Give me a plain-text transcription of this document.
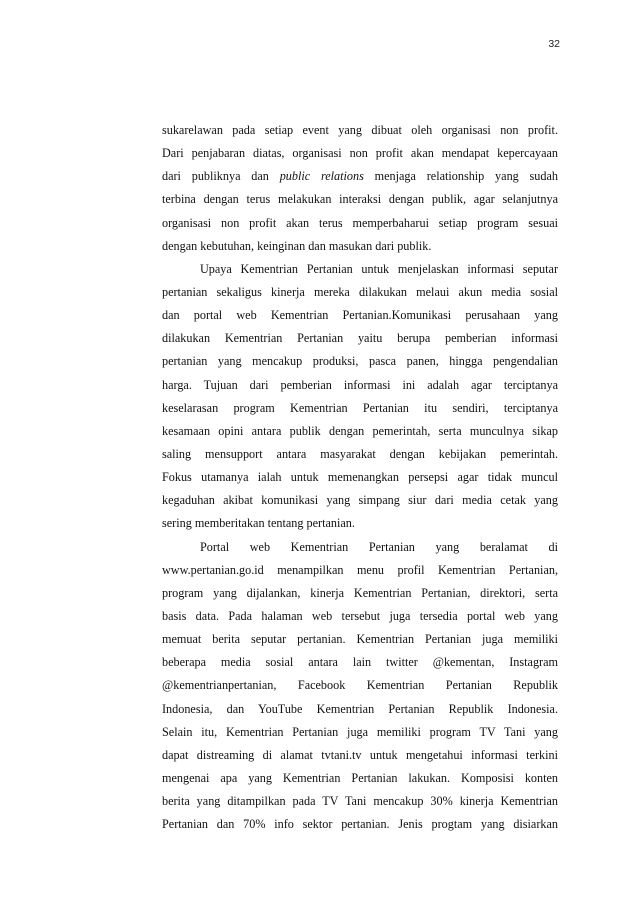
32
sukarelawan pada setiap event yang dibuat oleh organisasi non profit.
Dari penjabaran diatas, organisasi non profit akan mendapat kepercayaan
dari publiknya dan public relations menjaga relationship yang sudah
terbina dengan terus melakukan interaksi dengan publik, agar selanjutnya
organisasi non profit akan terus memperbaharui setiap program sesuai
dengan kebutuhan, keinginan dan masukan dari publik.
Upaya Kementrian Pertanian untuk menjelaskan informasi seputar
pertanian sekaligus kinerja mereka dilakukan melaui akun media sosial
dan portal web Kementrian Pertanian.Komunikasi perusahaan yang
dilakukan Kementrian Pertanian yaitu berupa pemberian informasi
pertanian yang mencakup produksi, pasca panen, hingga pengendalian
harga. Tujuan dari pemberian informasi ini adalah agar terciptanya
keselarasan program Kementrian Pertanian itu sendiri, terciptanya
kesamaan opini antara publik dengan pemerintah, serta munculnya sikap
saling mensupport antara masyarakat dengan kebijakan pemerintah.
Fokus utamanya ialah untuk memenangkan persepsi agar tidak muncul
kegaduhan akibat komunikasi yang simpang siur dari media cetak yang
sering memberitakan tentang pertanian.
Portal web Kementrian Pertanian yang beralamat di
www.pertanian.go.id menampilkan menu profil Kementrian Pertanian,
program yang dijalankan, kinerja Kementrian Pertanian, direktori, serta
basis data. Pada halaman web tersebut juga tersedia portal web yang
memuat berita seputar pertanian. Kementrian Pertanian juga memiliki
beberapa media sosial antara lain twitter @kementan, Instagram
@kementrianpertanian, Facebook Kementrian Pertanian Republik
Indonesia, dan YouTube Kementrian Pertanian Republik Indonesia.
Selain itu, Kementrian Pertanian juga memiliki program TV Tani yang
dapat distreaming di alamat tvtani.tv untuk mengetahui informasi terkini
mengenai apa yang Kementrian Pertanian lakukan. Komposisi konten
berita yang ditampilkan pada TV Tani mencakup 30% kinerja Kementrian
Pertanian dan 70% info sektor pertanian. Jenis progtam yang disiarkan
